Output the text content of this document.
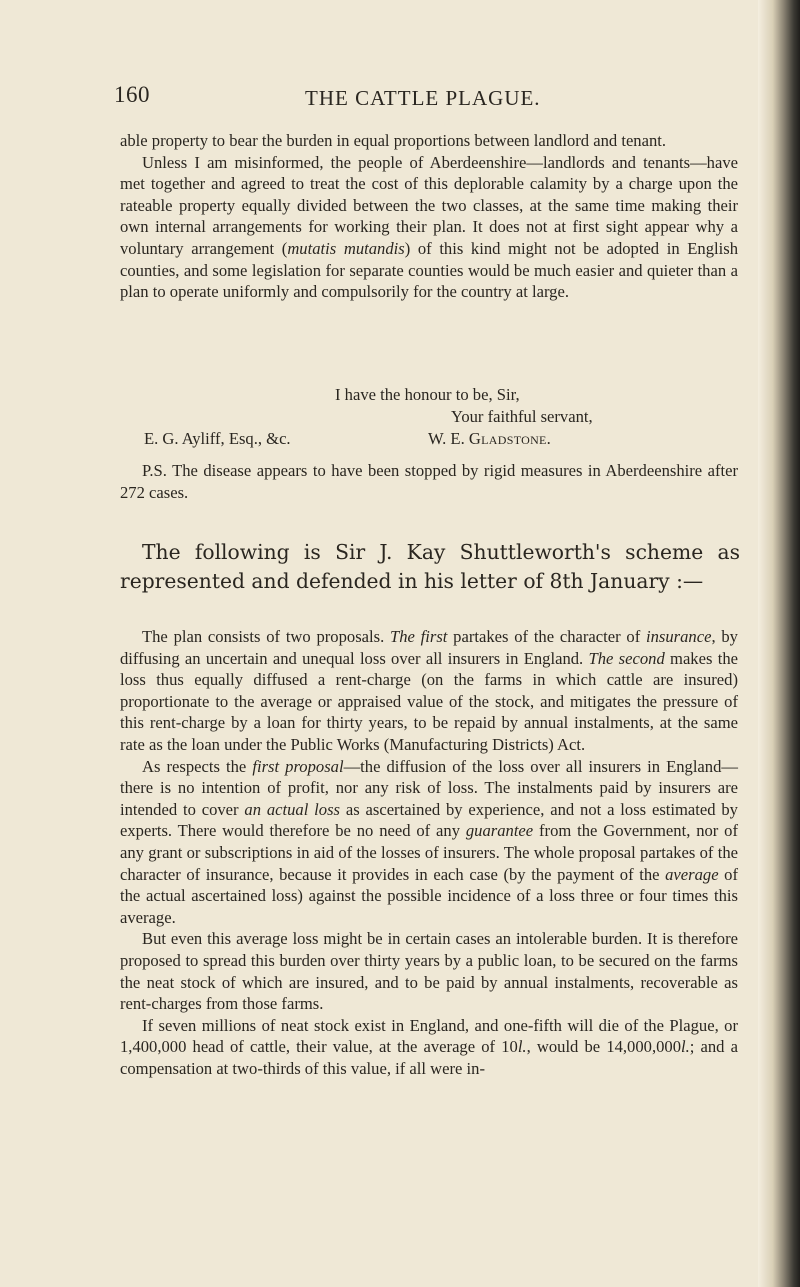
160	THE CATTLE PLAGUE.

able property to bear the burden in equal proportions between landlord and tenant.

Unless I am misinformed, the people of Aberdeenshire—landlords and tenants—have met together and agreed to treat the cost of this deplorable calamity by a charge upon the rateable property equally divided between the two classes, at the same time making their own internal arrangements for working their plan. It does not at first sight appear why a voluntary arrangement (mutatis mutandis) of this kind might not be adopted in English counties, and some legislation for separate counties would be much easier and quieter than a plan to operate uniformly and compulsorily for the country at large.

I have the honour to be, Sir,
Your faithful servant,
E. G. Ayliff, Esq., &c.	W. E. Gladstone.

P.S. The disease appears to have been stopped by rigid measures in Aberdeenshire after 272 cases.

The following is Sir J. Kay Shuttleworth's scheme as represented and defended in his letter of 8th January :—

The plan consists of two proposals. The first partakes of the character of insurance, by diffusing an uncertain and unequal loss over all insurers in England. The second makes the loss thus equally diffused a rent-charge (on the farms in which cattle are insured) proportionate to the average or appraised value of the stock, and mitigates the pressure of this rent-charge by a loan for thirty years, to be repaid by annual instalments, at the same rate as the loan under the Public Works (Manufacturing Districts) Act.

As respects the first proposal—the diffusion of the loss over all insurers in England—there is no intention of profit, nor any risk of loss. The instalments paid by insurers are intended to cover an actual loss as ascertained by experience, and not a loss estimated by experts. There would therefore be no need of any guarantee from the Government, nor of any grant or subscriptions in aid of the losses of insurers. The whole proposal partakes of the character of insurance, because it provides in each case (by the payment of the average of the actual ascertained loss) against the possible incidence of a loss three or four times this average.

But even this average loss might be in certain cases an intolerable burden. It is therefore proposed to spread this burden over thirty years by a public loan, to be secured on the farms the neat stock of which are insured, and to be paid by annual instalments, recoverable as rent-charges from those farms.

If seven millions of neat stock exist in England, and one-fifth will die of the Plague, or 1,400,000 head of cattle, their value, at the average of 10l., would be 14,000,000l.; and a compensation at two-thirds of this value, if all were in-
